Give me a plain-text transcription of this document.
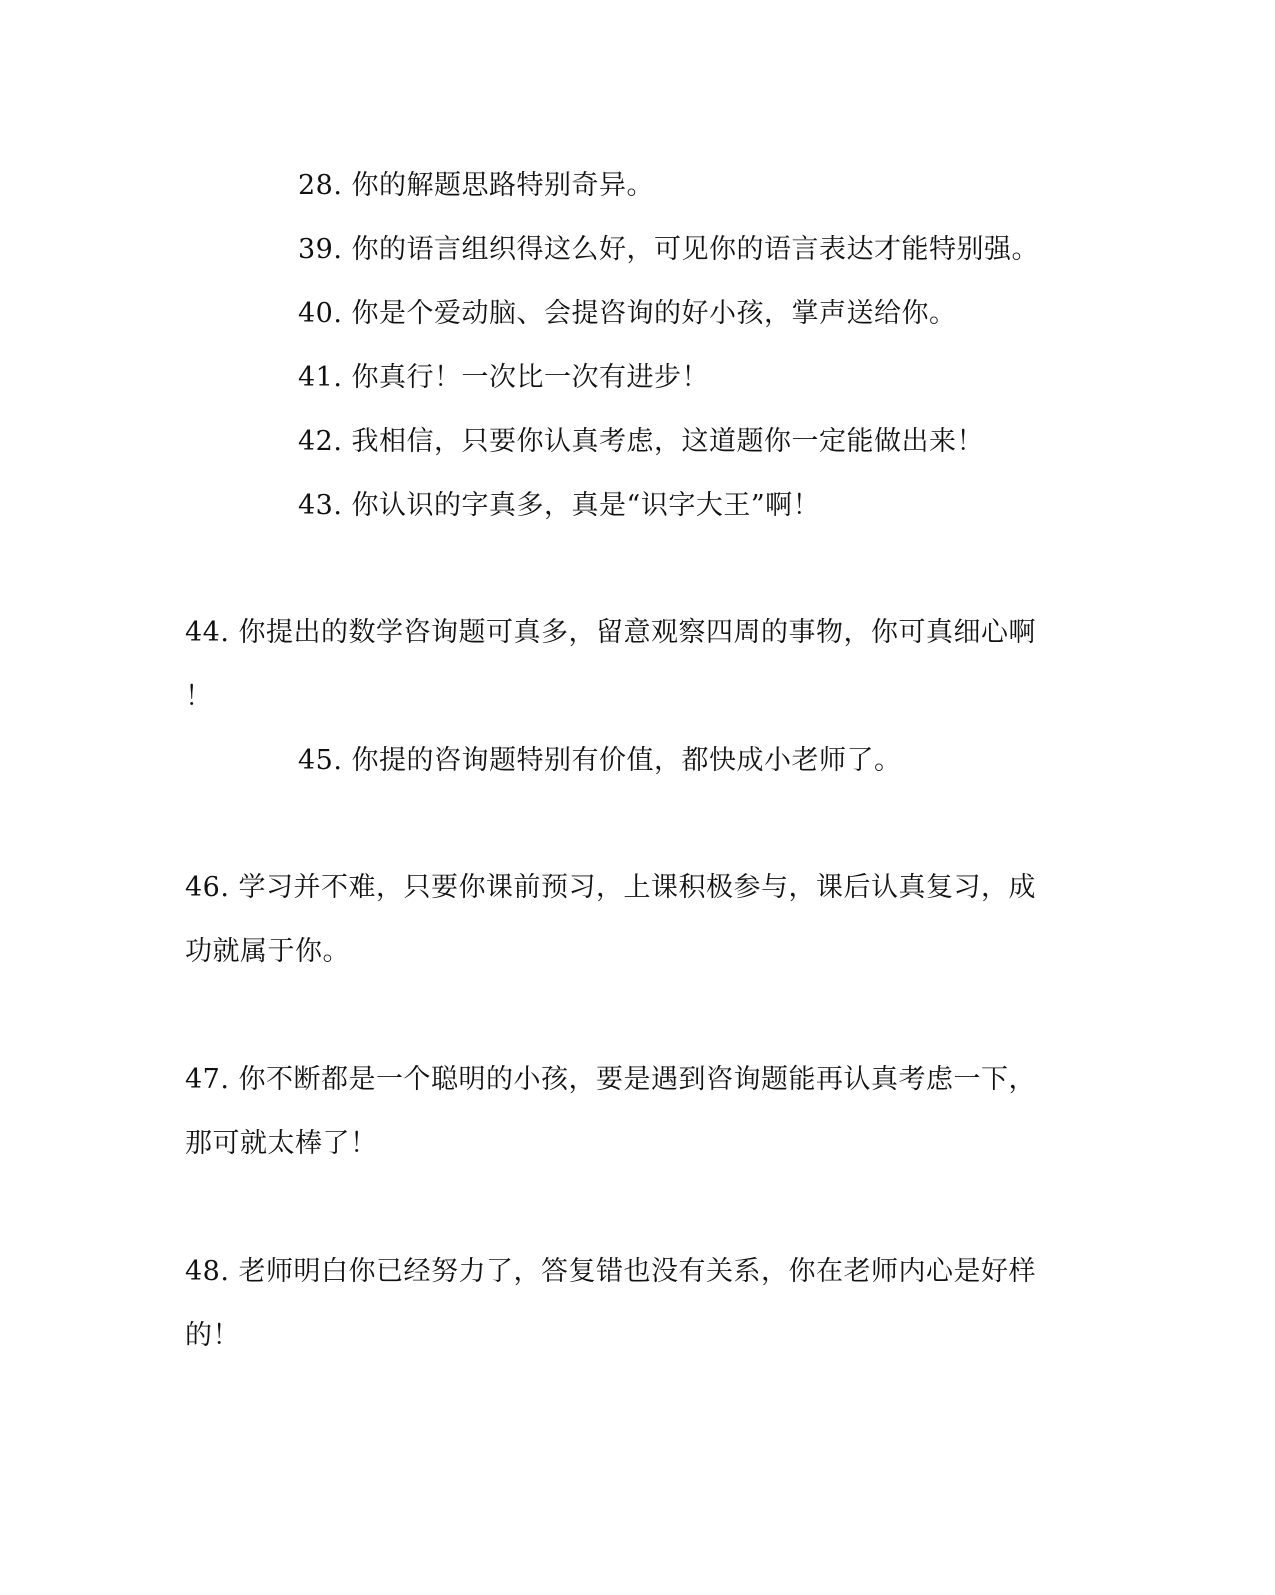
28. 你的解题思路特别奇异。
39. 你的语言组织得这么好，可见你的语言表达才能特别强。
40. 你是个爱动脑、会提咨询的好小孩，掌声送给你。
41. 你真行！一次比一次有进步！
42. 我相信，只要你认真考虑，这道题你一定能做出来！
43. 你认识的字真多，真是“识字大王”啊！
44. 你提出的数学咨询题可真多，留意观察四周的事物，你可真细心啊
！
45. 你提的咨询题特别有价值，都快成小老师了。
46. 学习并不难，只要你课前预习，上课积极参与，课后认真复习，成
功就属于你。
47. 你不断都是一个聪明的小孩，要是遇到咨询题能再认真考虑一下，
那可就太棒了！
48. 老师明白你已经努力了，答复错也没有关系，你在老师内心是好样
的！
